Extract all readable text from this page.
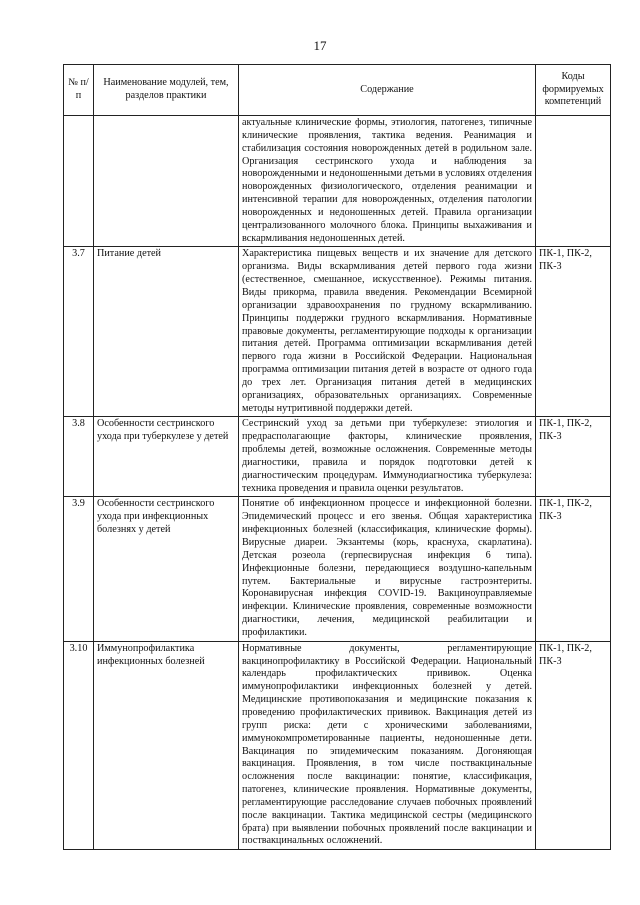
17
№ п/п	Наименование модулей, тем, разделов практики	Содержание	Коды формируемых компетенций
		актуальные клинические формы, этиология, патогенез, типичные клинические проявления, тактика ведения. Реанимация и стабилизация состояния новорожденных детей в родильном зале. Организация сестринского ухода и наблюдения за новорожденными и недоношенными детьми в условиях отделения новорожденных физиологического, отделения реанимации и интенсивной терапии для новорожденных, отделения патологии новорожденных и недоношенных детей. Правила организации централизованного молочного блока. Принципы выхаживания и вскармливания недоношенных детей.	
3.7	Питание детей	Характеристика пищевых веществ и их значение для детского организма. Виды вскармливания детей первого года жизни (естественное, смешанное, искусственное). Режимы питания. Виды прикорма, правила введения. Рекомендации Всемирной организации здравоохранения по грудному вскармливанию. Принципы поддержки грудного вскармливания. Нормативные правовые документы, регламентирующие подходы к организации питания детей. Программа оптимизации вскармливания детей первого года жизни в Российской Федерации. Национальная программа оптимизации питания детей в возрасте от одного года до трех лет. Организация питания детей в медицинских организациях, образовательных организациях. Современные методы нутритивной поддержки детей.	ПК-1, ПК-2, ПК-3
3.8	Особенности сестринского ухода при туберкулезе у детей	Сестринский уход за детьми при туберкулезе: этиология и предрасполагающие факторы, клинические проявления, проблемы детей, возможные осложнения. Современные методы диагностики, правила и порядок подготовки детей к диагностическим процедурам. Иммунодиагностика туберкулеза: техника проведения и правила оценки результатов.	ПК-1, ПК-2, ПК-3
3.9	Особенности сестринского ухода при инфекционных болезнях у детей	Понятие об инфекционном процессе и инфекционной болезни. Эпидемический процесс и его звенья. Общая характеристика инфекционных болезней (классификация, клинические формы). Вирусные диареи. Экзантемы (корь, краснуха, скарлатина). Детская розеола (герпесвирусная инфекция 6 типа). Инфекционные болезни, передающиеся воздушно-капельным путем. Бактериальные и вирусные гастроэнтериты. Коронавирусная инфекция COVID-19. Вакциноуправляемые инфекции. Клинические проявления, современные возможности диагностики, лечения, медицинской реабилитации и профилактики.	ПК-1, ПК-2, ПК-3
3.10	Иммунопрофилактика инфекционных болезней	Нормативные документы, регламентирующие вакцинопрофилактику в Российской Федерации. Национальный календарь профилактических прививок. Оценка иммунопрофилактики инфекционных болезней у детей. Медицинские противопоказания и медицинские показания к проведению профилактических прививок. Вакцинация детей из групп риска: дети с хроническими заболеваниями, иммунокомпрометированные пациенты, недоношенные дети. Вакцинация по эпидемическим показаниям. Догоняющая вакцинация. Проявления, в том числе поствакцинальные осложнения после вакцинации: понятие, классификация, патогенез, клинические проявления. Нормативные документы, регламентирующие расследование случаев побочных проявлений после вакцинации. Тактика медицинской сестры (медицинского брата) при выявлении побочных проявлений после вакцинации и поствакцинальных осложнений.	ПК-1, ПК-2, ПК-3
